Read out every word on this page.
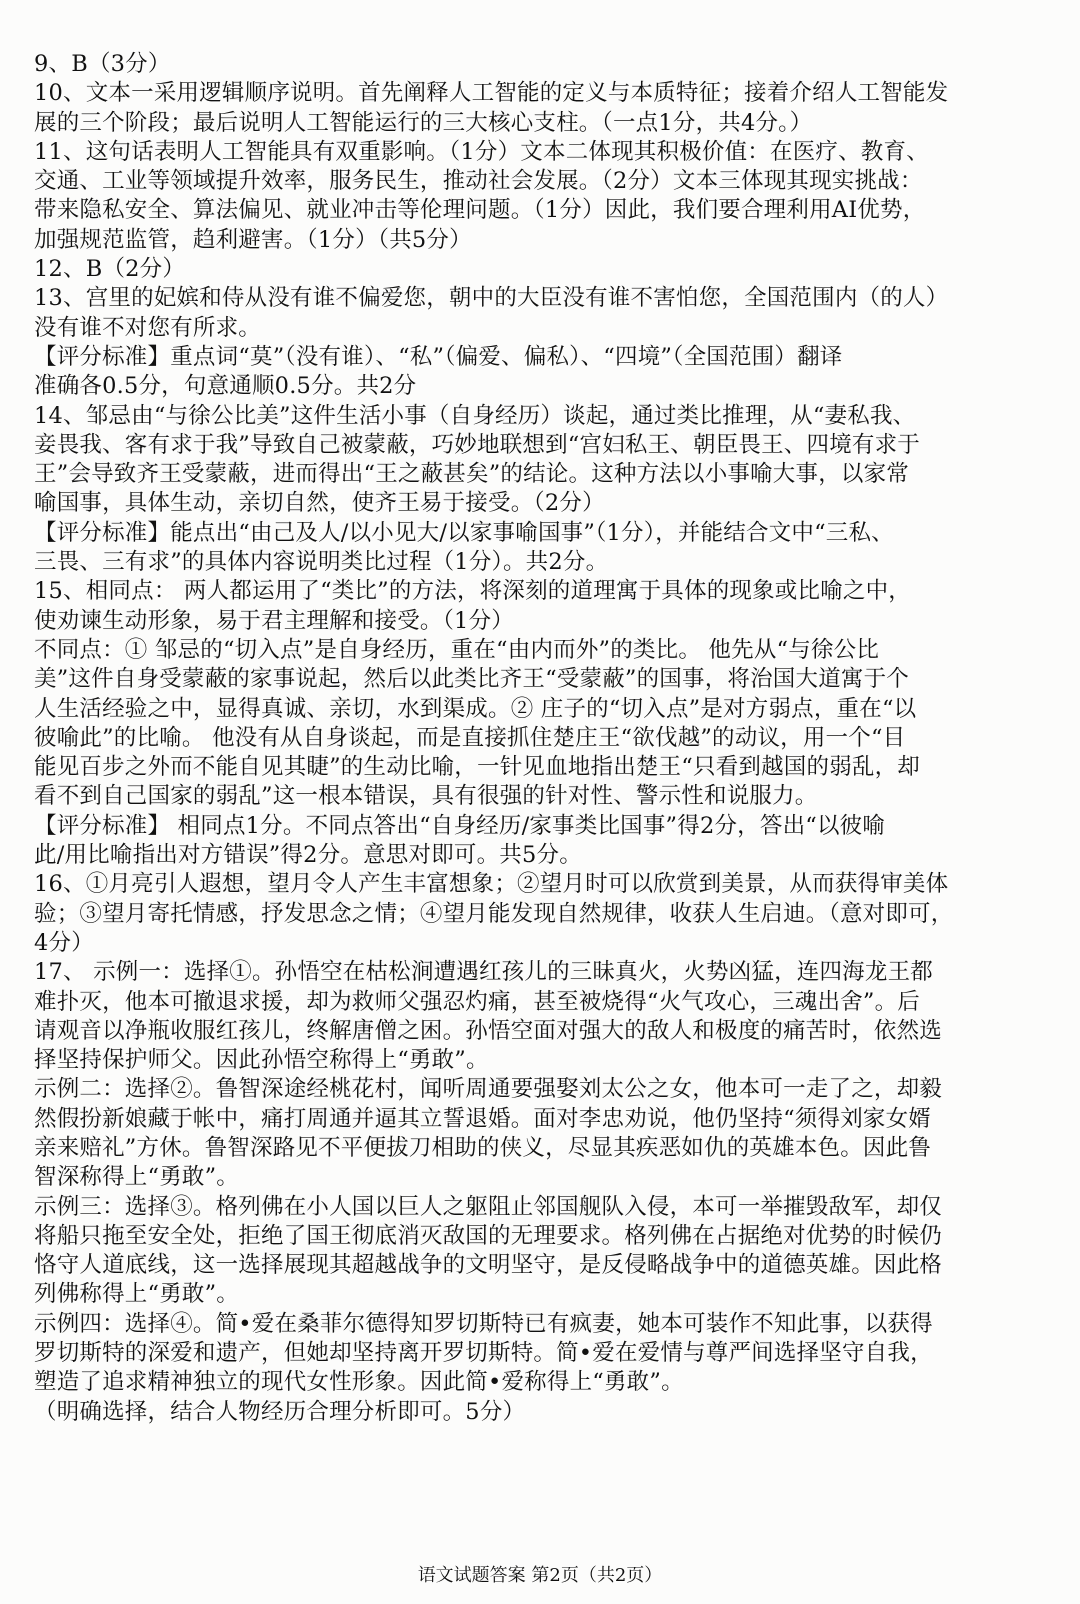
9、B（3分）
10、文本一采用逻辑顺序说明。首先阐释人工智能的定义与本质特征；接着介绍人工智能发
展的三个阶段；最后说明人工智能运行的三大核心支柱。（一点1分，共4分。）
11、这句话表明人工智能具有双重影响。（1分）文本二体现其积极价值：在医疗、教育、
交通、工业等领域提升效率，服务民生，推动社会发展。（2分）文本三体现其现实挑战：
带来隐私安全、算法偏见、就业冲击等伦理问题。（1分）因此，我们要合理利用AI优势，
加强规范监管，趋利避害。（1分）（共5分）
12、B（2分）
13、宫里的妃嫔和侍从没有谁不偏爱您，朝中的大臣没有谁不害怕您，全国范围内（的人）
没有谁不对您有所求。
【评分标准】重点词“莫”（没有谁）、“私”（偏爱、偏私）、“四境”（全国范围）翻译
准确各0.5分，句意通顺0.5分。共2分
14、邹忌由“与徐公比美”这件生活小事（自身经历）谈起，通过类比推理，从“妻私我、
妾畏我、客有求于我”导致自己被蒙蔽，巧妙地联想到“宫妇私王、朝臣畏王、四境有求于
王”会导致齐王受蒙蔽，进而得出“王之蔽甚矣”的结论。这种方法以小事喻大事，以家常
喻国事，具体生动，亲切自然，使齐王易于接受。（2分）
【评分标准】能点出“由己及人/以小见大/以家事喻国事”（1分），并能结合文中“三私、
三畏、三有求”的具体内容说明类比过程（1分）。共2分。
15、相同点： 两人都运用了“类比”的方法，将深刻的道理寓于具体的现象或比喻之中，
使劝谏生动形象，易于君主理解和接受。（1分）
不同点：① 邹忌的“切入点”是自身经历，重在“由内而外”的类比。 他先从“与徐公比
美”这件自身受蒙蔽的家事说起，然后以此类比齐王“受蒙蔽”的国事，将治国大道寓于个
人生活经验之中，显得真诚、亲切，水到渠成。② 庄子的“切入点”是对方弱点，重在“以
彼喻此”的比喻。 他没有从自身谈起，而是直接抓住楚庄王“欲伐越”的动议，用一个“目
能见百步之外而不能自见其睫”的生动比喻，一针见血地指出楚王“只看到越国的弱乱，却
看不到自己国家的弱乱”这一根本错误，具有很强的针对性、警示性和说服力。
【评分标准】 相同点1分。不同点答出“自身经历/家事类比国事”得2分，答出“以彼喻
此/用比喻指出对方错误”得2分。意思对即可。共5分。
16、①月亮引人遐想，望月令人产生丰富想象；②望月时可以欣赏到美景，从而获得审美体
验；③望月寄托情感，抒发思念之情；④望月能发现自然规律，收获人生启迪。（意对即可，
4分）
17、 示例一：选择①。孙悟空在枯松涧遭遇红孩儿的三昧真火，火势凶猛，连四海龙王都
难扑灭，他本可撤退求援，却为救师父强忍灼痛，甚至被烧得“火气攻心，三魂出舍”。后
请观音以净瓶收服红孩儿，终解唐僧之困。孙悟空面对强大的敌人和极度的痛苦时，依然选
择坚持保护师父。因此孙悟空称得上“勇敢”。
示例二：选择②。鲁智深途经桃花村，闻听周通要强娶刘太公之女，他本可一走了之，却毅
然假扮新娘藏于帐中，痛打周通并逼其立誓退婚。面对李忠劝说，他仍坚持“须得刘家女婿
亲来赔礼”方休。鲁智深路见不平便拔刀相助的侠义，尽显其疾恶如仇的英雄本色。因此鲁
智深称得上“勇敢”。
示例三：选择③。格列佛在小人国以巨人之躯阻止邻国舰队入侵，本可一举摧毁敌军，却仅
将船只拖至安全处，拒绝了国王彻底消灭敌国的无理要求。格列佛在占据绝对优势的时候仍
恪守人道底线，这一选择展现其超越战争的文明坚守，是反侵略战争中的道德英雄。因此格
列佛称得上“勇敢”。
示例四：选择④。简•爱在桑菲尔德得知罗切斯特已有疯妻，她本可装作不知此事，以获得
罗切斯特的深爱和遗产，但她却坚持离开罗切斯特。简•爱在爱情与尊严间选择坚守自我，
塑造了追求精神独立的现代女性形象。因此简•爱称得上“勇敢”。
（明确选择，结合人物经历合理分析即可。5分）
语文试题答案 第2页（共2页）
